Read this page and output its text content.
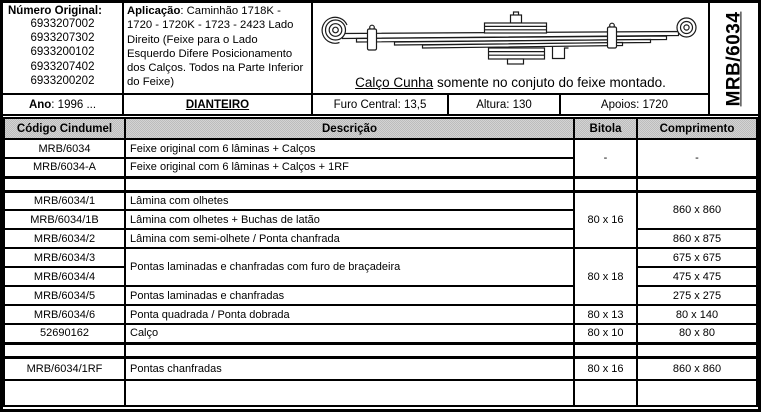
Número Original:
6933207002
6933207302
6933200102
6933207402
6933200202
Aplicação: Caminhão 1718K - 1720 - 1720K - 1723 - 2423 Lado Direito (Feixe para o Lado Esquerdo Difere Posicionamento dos Calços. Todos na Parte Inferior do Feixe)	Calço Cunha somente no conjuto do feixe montado.
Ano : 1996 ...	DIANTEIRO	Furo Central: 13,5	Altura: 130	Apoios: 1720	MRB/6034
Código Cindumel	Descrição	Bitola	Comprimento
MRB/6034	Feixe original com 6 lâminas + Calços	-	-
MRB/6034-A	Feixe original com 6 lâminas + Calços + 1RF		

MRB/6034/1	Lâmina com olhetes	80 x 16	860 x 860
MRB/6034/1B	Lâmina com olhetes + Buchas de latão		
MRB/6034/2	Lâmina com semi-olhete / Ponta chanfrada		860 x 875
MRB/6034/3	Pontas laminadas e chanfradas com furo de braçadeira	80 x 18	675 x 675
MRB/6034/4			475 x 475
MRB/6034/5	Pontas laminadas e chanfradas		275 x 275
MRB/6034/6	Ponta quadrada / Ponta dobrada	80 x 13	80 x 140
52690162	Calço	80 x 10	80 x 80

MRB/6034/1RF	Pontas chanfradas	80 x 16	860 x 860
